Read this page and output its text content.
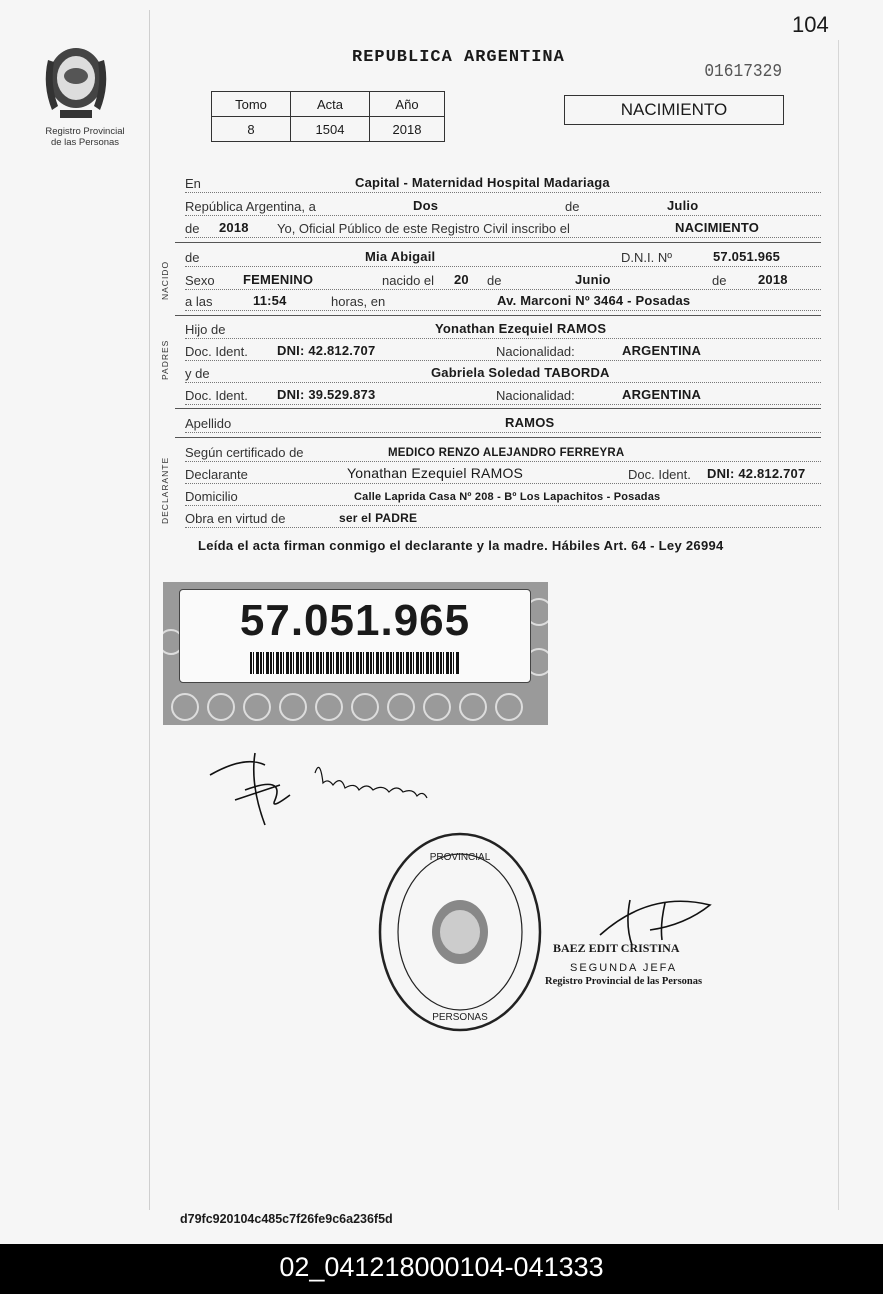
104
Registro Provincial
de las Personas
REPUBLICA ARGENTINA
01617329
Tomo	Acta	Año
8	1504	2018
NACIMIENTO
En	Capital - Maternidad Hospital Madariaga
República Argentina, a	Dos	de	Julio
de 2018 Yo, Oficial Público de este Registro Civil inscribo el	NACIMIENTO
NACIDO
de	Mia Abigail	D.N.I. Nº	57.051.965
Sexo FEMENINO	nacido el 20 de	Junio	de 2018
a las	11:54	horas, en	Av. Marconi Nº 3464 - Posadas
PADRES
Hijo de	Yonathan Ezequiel RAMOS
Doc. Ident. DNI: 42.812.707	Nacionalidad:	ARGENTINA
y de	Gabriela Soledad TABORDA
Doc. Ident. DNI: 39.529.873	Nacionalidad:	ARGENTINA
Apellido	RAMOS
DECLARANTE
Según certificado de	MEDICO RENZO ALEJANDRO FERREYRA
Declarante	Yonathan Ezequiel RAMOS	Doc. Ident. DNI: 42.812.707
Domicilio	Calle Laprida Casa Nº 208 - Bº Los Lapachitos - Posadas
Obra en virtud de	ser el PADRE
Leída el acta firman conmigo el declarante y la madre. Hábiles Art. 64 - Ley 26994
57.051.965
PROVINCIAL
PERSONAS
BAEZ EDIT CRISTINA
SEGUNDA JEFA
Registro Provincial de las Personas
d79fc920104c485c7f26fe9c6a236f5d
02_041218000104-041333
